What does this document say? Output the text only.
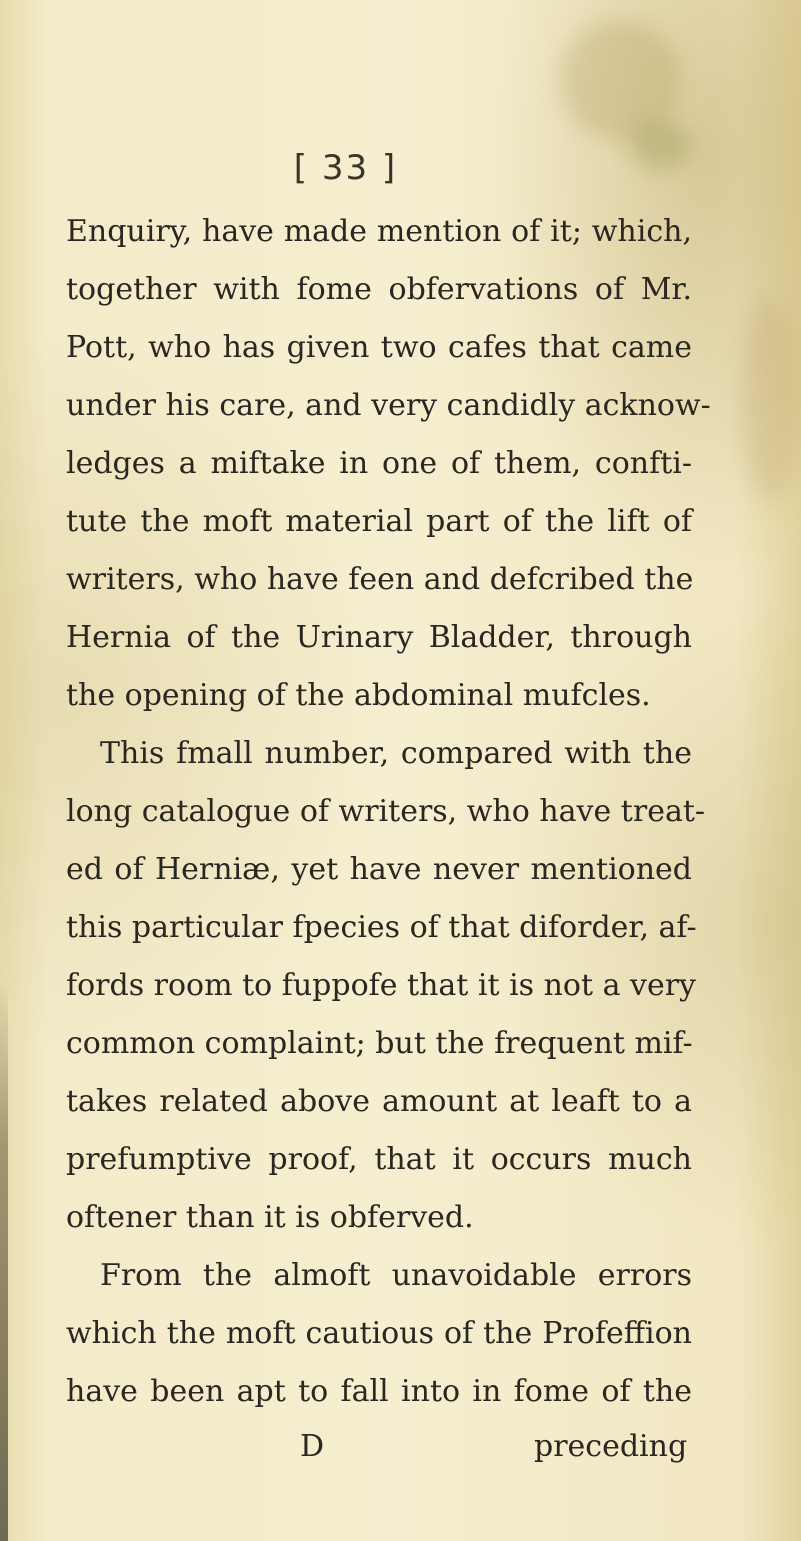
[ 33 ]
Enquiry, have made mention of it; which,
together with fome obfervations of Mr.
Pott, who has given two cafes that came
under his care, and very candidly acknow-
ledges a miftake in one of them, confti-
tute the moft material part of the lift of
writers, who have feen and defcribed the
Hernia of the Urinary Bladder, through
the opening of the abdominal mufcles.
This fmall number, compared with the
long catalogue of writers, who have treat-
ed of Herniæ, yet have never mentioned
this particular fpecies of that diforder, af-
fords room to fuppofe that it is not a very
common complaint; but the frequent mif-
takes related above amount at leaft to a
prefumptive proof, that it occurs much
oftener than it is obferved.
From the almoft unavoidable errors
which the moft cautious of the Profeffion
have been apt to fall into in fome of the
D	preceding
